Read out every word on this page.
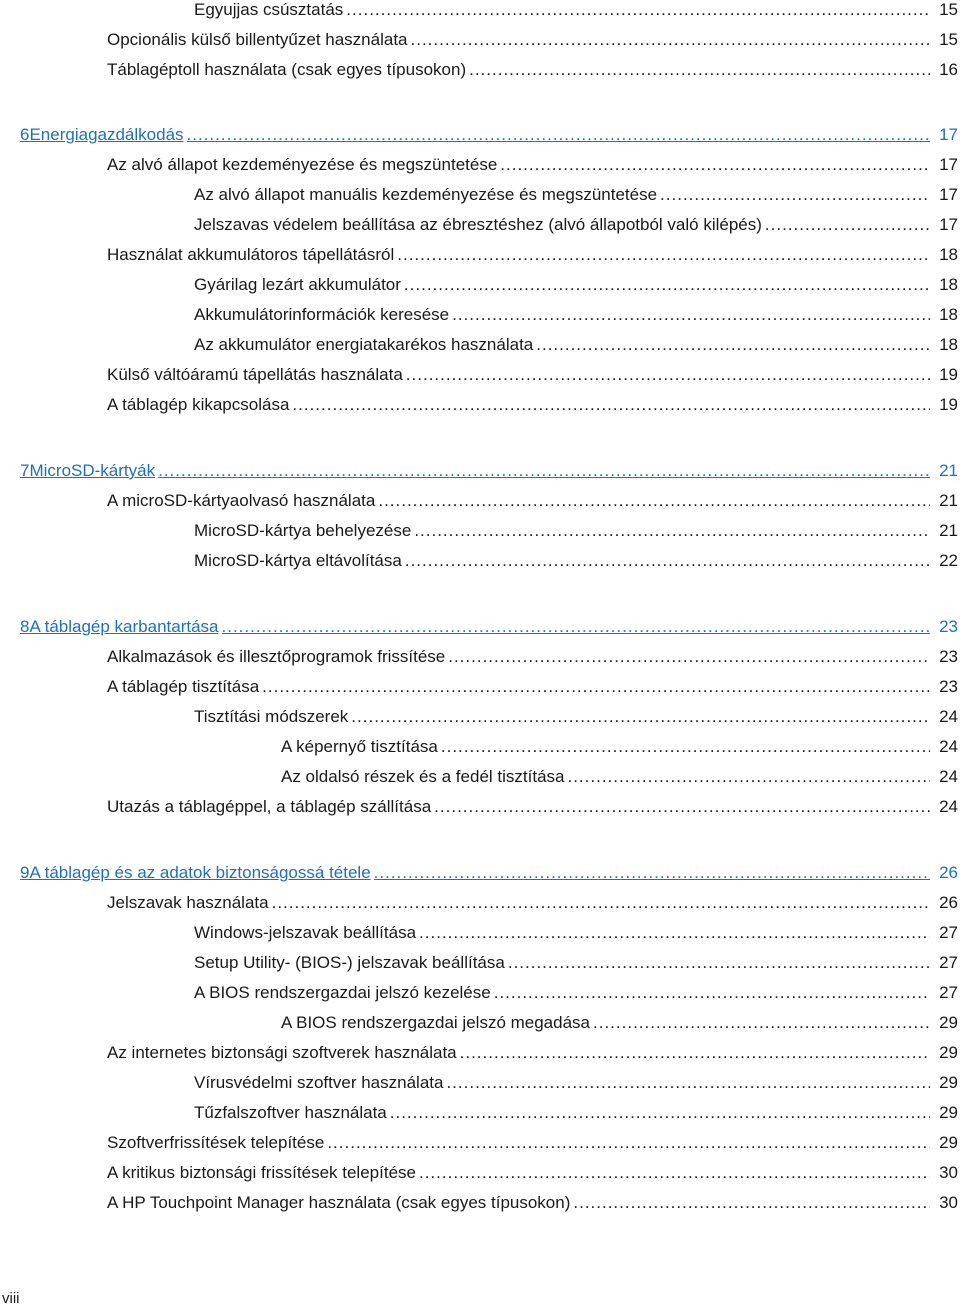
Egyujjas csúsztatás .....	15
Opcionális külső billentyűzet használata .....	15
Táblagéptoll használata (csak egyes típusokon) .....	16
6 Energiagazdálkodás .....	17
Az alvó állapot kezdeményezése és megszüntetése .....	17
Az alvó állapot manuális kezdeményezése és megszüntetése .....	17
Jelszavas védelem beállítása az ébresztéshez (alvó állapotból való kilépés) .....	17
Használat akkumulátoros tápellátásról .....	18
Gyárilag lezárt akkumulátor .....	18
Akkumulátorinformációk keresése .....	18
Az akkumulátor energiatakarékos használata .....	18
Külső váltóáramú tápellátás használata .....	19
A táblagép kikapcsolása .....	19
7 MicroSD-kártyák .....	21
A microSD-kártyaolvasó használata .....	21
MicroSD-kártya behelyezése .....	21
MicroSD-kártya eltávolítása .....	22
8 A táblagép karbantartása .....	23
Alkalmazások és illesztőprogramok frissítése .....	23
A táblagép tisztítása .....	23
Tisztítási módszerek .....	24
A képernyő tisztítása .....	24
Az oldalsó részek és a fedél tisztítása .....	24
Utazás a táblagéppel, a táblagép szállítása .....	24
9 A táblagép és az adatok biztonságossá tétele .....	26
Jelszavak használata .....	26
Windows-jelszavak beállítása .....	27
Setup Utility- (BIOS-) jelszavak beállítása .....	27
A BIOS rendszergazdai jelszó kezelése .....	27
A BIOS rendszergazdai jelszó megadása .....	29
Az internetes biztonsági szoftverek használata .....	29
Vírusvédelmi szoftver használata .....	29
Tűzfalszoftver használata .....	29
Szoftverfrissítések telepítése .....	29
A kritikus biztonsági frissítések telepítése .....	30
A HP Touchpoint Manager használata (csak egyes típusokon) .....	30
viii
